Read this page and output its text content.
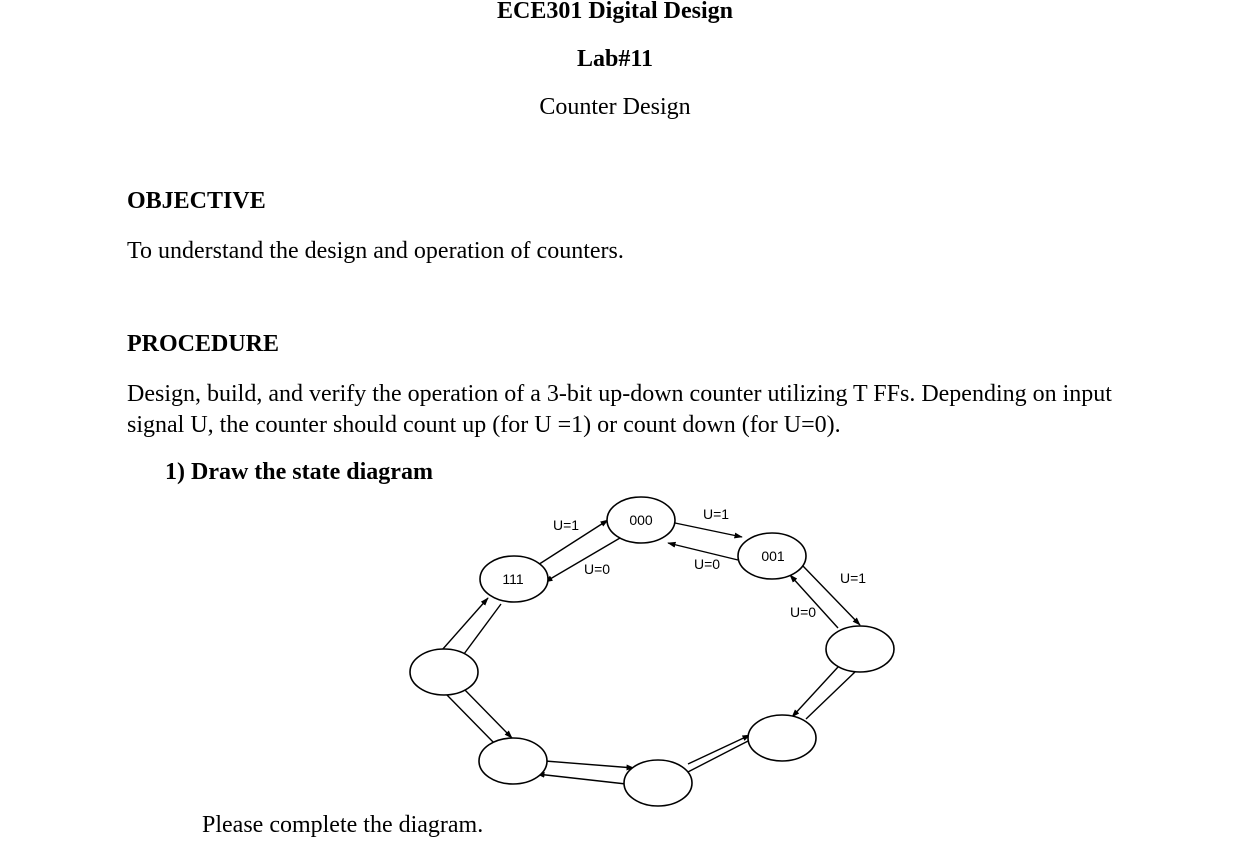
ECE301 Digital Design
Lab#11
Counter Design
OBJECTIVE
To understand the design and operation of counters.
PROCEDURE
Design, build, and verify the operation of a 3-bit up-down counter utilizing T FFs. Depending on input signal U, the counter should count up (for U =1) or count down (for U=0).
1) Draw the state diagram
000
001
111
U=1
U=0
U=1
U=0
U=1
U=0
Please complete the diagram.
